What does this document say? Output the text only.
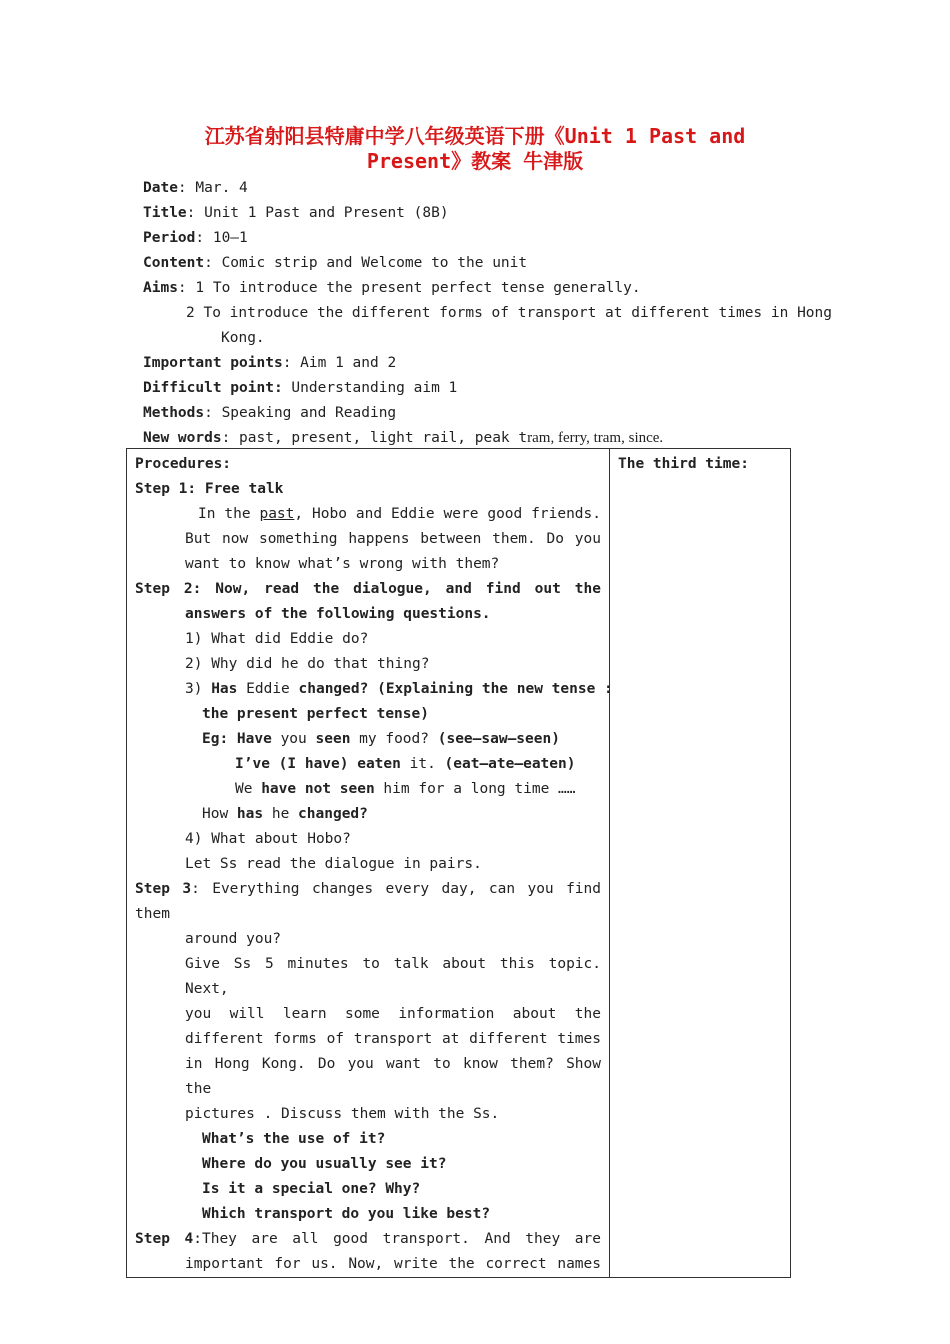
江苏省射阳县特庸中学八年级英语下册《Unit 1 Past and
Present》教案 牛津版
Date: Mar. 4
Title: Unit 1 Past and Present (8B)
Period: 10—1
Content: Comic strip and Welcome to the unit
Aims: 1 To introduce the present perfect tense generally.
2 To introduce the different forms of transport at different times in Hong
Kong.
Important points: Aim 1 and 2
Difficult point: Understanding aim 1
Methods: Speaking and Reading
New words: past, present, light rail, peak tram, ferry, tram, since.
Procedures:
Step 1: Free talk
In the past, Hobo and Eddie were good friends.
But now something happens between them. Do you
want to know what’s wrong with them?
Step 2: Now, read the dialogue, and find out the
answers of the following questions.
1) What did Eddie do?
2) Why did he do that thing?
3) Has Eddie changed? (Explaining the new tense :
the present perfect tense)
Eg: Have you seen my food? (see—saw—seen)
I’ve (I have) eaten it. (eat—ate—eaten)
We have not seen him for a long time ……
How has he changed?
4) What about Hobo?
Let Ss read the dialogue in pairs.
Step 3: Everything changes every day, can you find them
around you?
Give Ss 5 minutes to talk about this topic. Next,
you will learn some information about the
different forms of transport at different times
in Hong Kong. Do you want to know them? Show the
pictures . Discuss them with the Ss.
What’s the use of it?
Where do you usually see it?
Is it a special one? Why?
Which transport do you like best?
Step 4:They are all good transport. And they are
important for us. Now, write the correct names

The third time:
